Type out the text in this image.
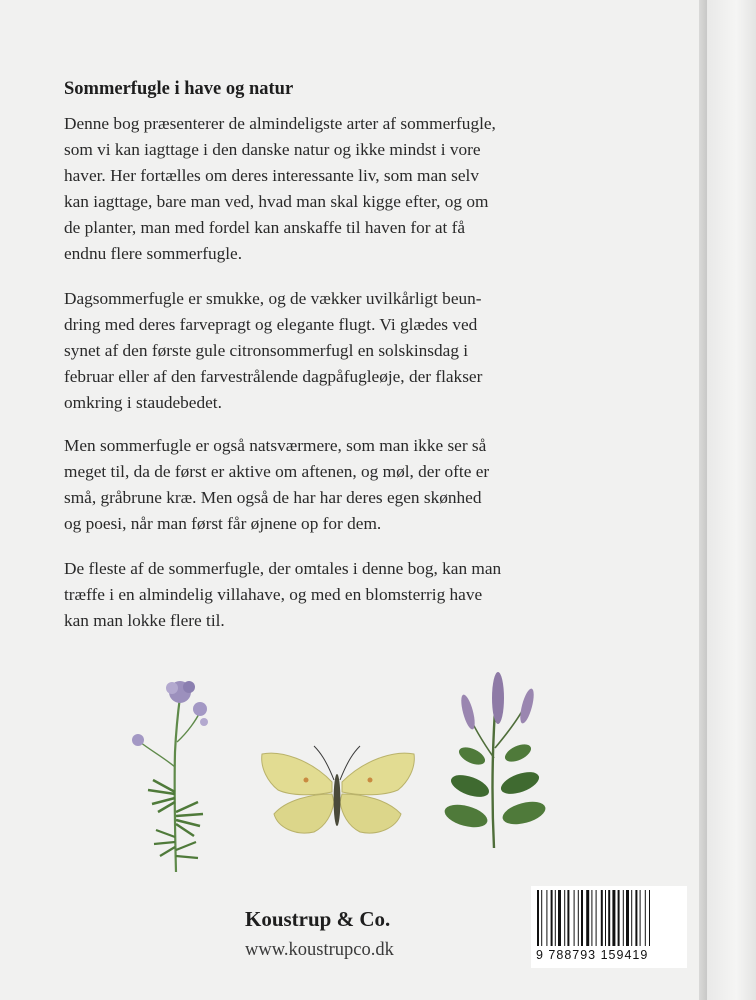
Sommerfugle i have og natur

Denne bog præsenterer de almindeligste arter af sommerfugle,
som vi kan iagttage i den danske natur og ikke mindst i vore
haver. Her fortælles om deres interessante liv, som man selv
kan iagttage, bare man ved, hvad man skal kigge efter, og om
de planter, man med fordel kan anskaffe til haven for at få
endnu flere sommerfugle.

Dagsommerfugle er smukke, og de vækker uvilkårligt beun-
dring med deres farvepragt og elegante flugt. Vi glædes ved
synet af den første gule citronsommerfugl en solskinsdag i
februar eller af den farvestrålende dagpåfugleøje, der flakser
omkring i staudebedet.

Men sommerfugle er også natsværmere, som man ikke ser så
meget til, da de først er aktive om aftenen, og møl, der ofte er
små, gråbrune kræ. Men også de har har deres egen skønhed
og poesi, når man først får øjnene op for dem.

De fleste af de sommerfugle, der omtales i denne bog, kan man
træffe i en almindelig villahave, og med en blomsterrig have
kan man lokke flere til.

Koustrup & Co.
www.koustrupco.dk	9 788793 159419
